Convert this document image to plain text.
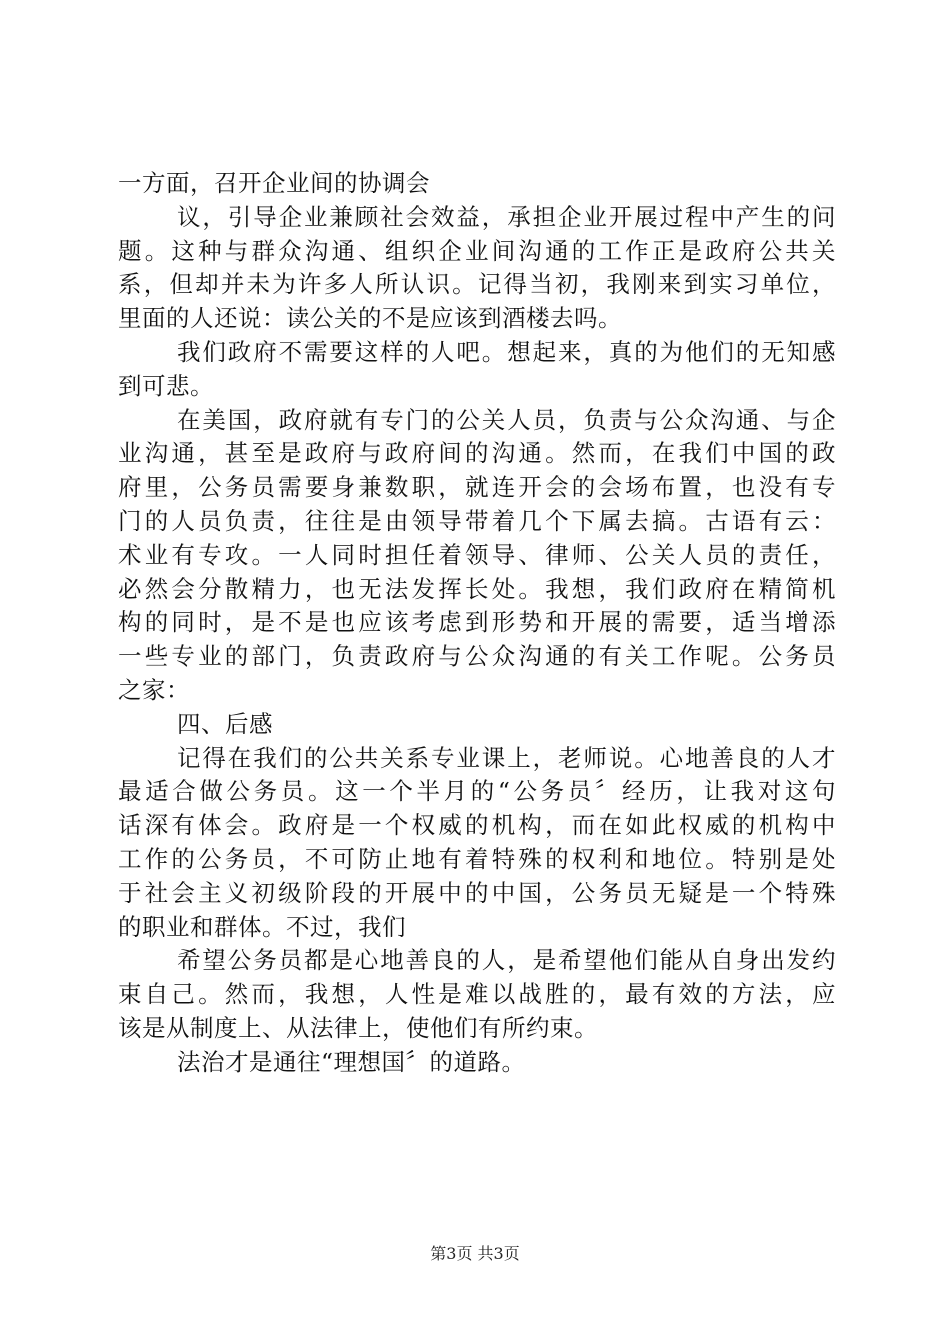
一方面，召开企业间的协调会
议，引导企业兼顾社会效益，承担企业开展过程中产生的问
题。这种与群众沟通、组织企业间沟通的工作正是政府公共关
系，但却并未为许多人所认识。记得当初，我刚来到实习单位，
里面的人还说：读公关的不是应该到酒楼去吗。
我们政府不需要这样的人吧。想起来，真的为他们的无知感
到可悲。
在美国，政府就有专门的公关人员，负责与公众沟通、与企
业沟通，甚至是政府与政府间的沟通。然而，在我们中国的政
府里，公务员需要身兼数职，就连开会的会场布置，也没有专
门的人员负责，往往是由领导带着几个下属去搞。古语有云：
术业有专攻。一人同时担任着领导、律师、公关人员的责任，
必然会分散精力，也无法发挥长处。我想，我们政府在精简机
构的同时，是不是也应该考虑到形势和开展的需要，适当增添
一些专业的部门，负责政府与公众沟通的有关工作呢。公务员
之家：
四、后感
记得在我们的公共关系专业课上，老师说。心地善良的人才
最适合做公务员。这一个半月的“公务员〞经历，让我对这句
话深有体会。政府是一个权威的机构，而在如此权威的机构中
工作的公务员，不可防止地有着特殊的权利和地位。特别是处
于社会主义初级阶段的开展中的中国，公务员无疑是一个特殊
的职业和群体。不过，我们
希望公务员都是心地善良的人，是希望他们能从自身出发约
束自己。然而，我想，人性是难以战胜的，最有效的方法，应
该是从制度上、从法律上，使他们有所约束。
法治才是通往“理想国〞的道路。
第3页 共3页
